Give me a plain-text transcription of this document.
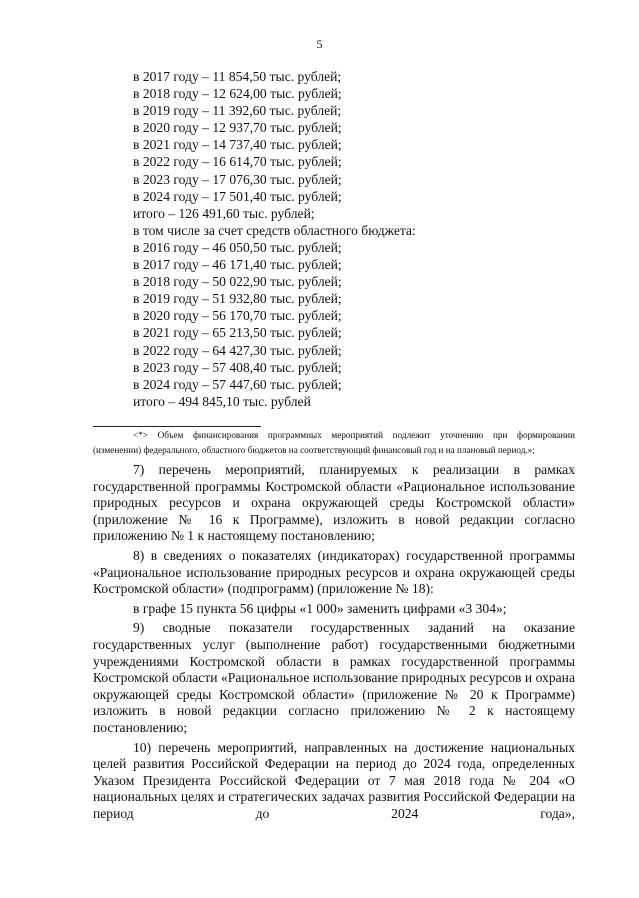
5
в 2017 году – 11 854,50 тыс. рублей;
в 2018 году – 12 624,00 тыс. рублей;
в 2019 году – 11 392,60 тыс. рублей;
в 2020 году – 12 937,70 тыс. рублей;
в 2021 году – 14 737,40 тыс. рублей;
в 2022 году – 16 614,70 тыс. рублей;
в 2023 году – 17 076,30 тыс. рублей;
в 2024 году – 17 501,40 тыс. рублей;
итого – 126 491,60 тыс. рублей;
в том числе за счет средств областного бюджета:
в 2016 году – 46 050,50 тыс. рублей;
в 2017 году – 46 171,40 тыс. рублей;
в 2018 году – 50 022,90 тыс. рублей;
в 2019 году – 51 932,80 тыс. рублей;
в 2020 году – 56 170,70 тыс. рублей;
в 2021 году – 65 213,50 тыс. рублей;
в 2022 году – 64 427,30 тыс. рублей;
в 2023 году – 57 408,40 тыс. рублей;
в 2024 году – 57 447,60 тыс. рублей;
итого – 494 845,10 тыс. рублей
<*> Объем финансирования программных мероприятий подлежит уточнению при формировании
(изменении) федерального, областного бюджетов на соответствующий финансовый год и на плановый период.»;

7) перечень мероприятий, планируемых к реализации в рамках государственной программы Костромской области «Рациональное использование природных ресурсов и охрана окружающей среды Костромской области» (приложение № 16 к Программе), изложить в новой редакции согласно приложению № 1 к настоящему постановлению;

8) в сведениях о показателях (индикаторах) государственной программы «Рациональное использование природных ресурсов и охрана окружающей среды Костромской области» (подпрограмм) (приложение № 18):

в графе 15 пункта 56 цифры «1 000» заменить цифрами «3 304»;

9) сводные показатели государственных заданий на оказание государственных услуг (выполнение работ) государственными бюджетными учреждениями Костромской области в рамках государственной программы Костромской области «Рациональное использование природных ресурсов и охрана окружающей среды Костромской области» (приложение № 20 к Программе) изложить в новой редакции согласно приложению № 2 к настоящему постановлению;

10) перечень мероприятий, направленных на достижение национальных целей развития Российской Федерации на период до 2024 года, определенных Указом Президента Российской Федерации от 7 мая 2018 года № 204 «О национальных целях и стратегических задачах развития Российской Федерации на период до 2024 года»,
